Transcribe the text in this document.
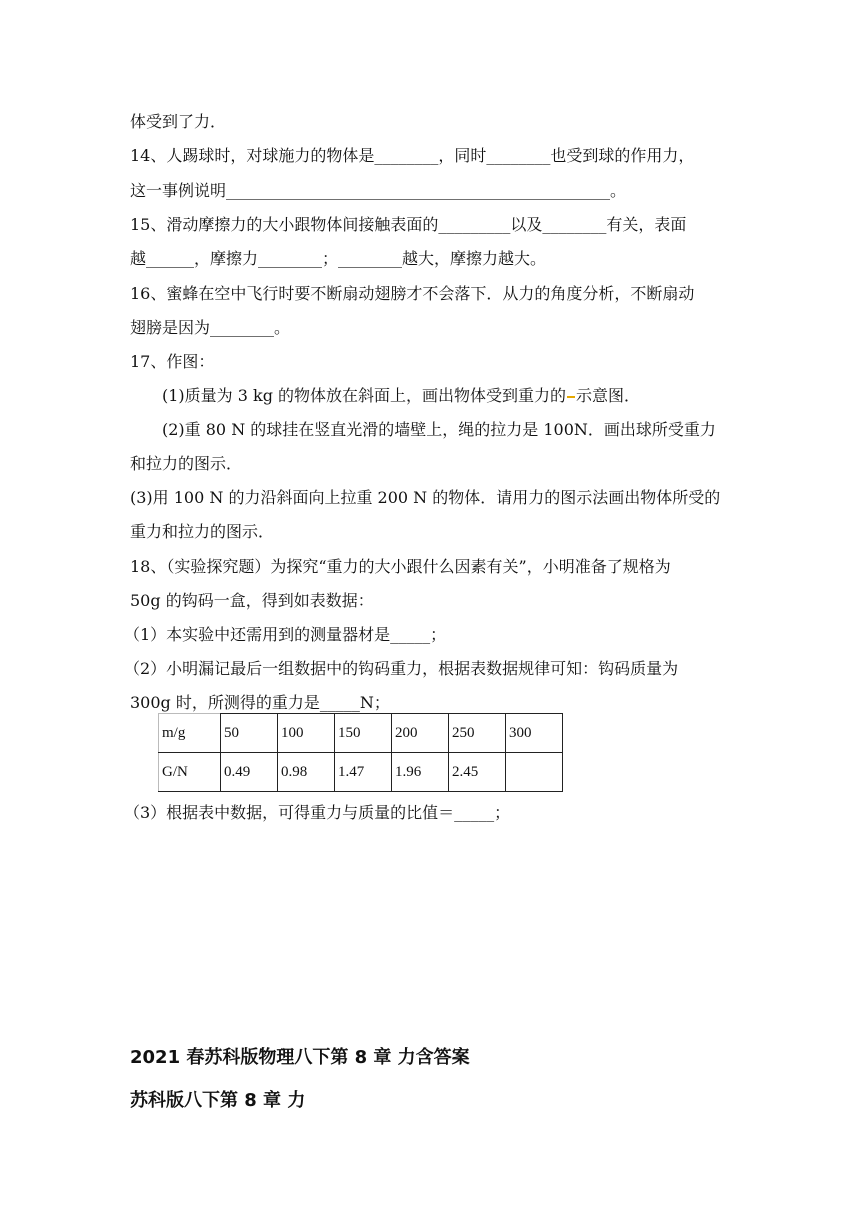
体受到了力．
14、人踢球时，对球施力的物体是________，同时________也受到球的作用力，
这一事例说明________________________________________________。
15、滑动摩擦力的大小跟物体间接触表面的_________以及________有关，表面
越______，摩擦力________；________越大，摩擦力越大。
16、蜜蜂在空中飞行时要不断扇动翅膀才不会落下．从力的角度分析，不断扇动
翅膀是因为________。
17、作图：
(1)质量为 3 kg 的物体放在斜面上，画出物体受到重力的 示意图．
(2)重 80 N 的球挂在竖直光滑的墙壁上，绳的拉力是 100N．画出球所受重力
和拉力的图示．
(3)用 100 N 的力沿斜面向上拉重 200 N 的物体．请用力的图示法画出物体所受的
重力和拉力的图示．
18、（实验探究题）为探究“重力的大小跟什么因素有关”，小明准备了规格为
50g 的钩码一盒，得到如表数据：
（1）本实验中还需用到的测量器材是_____；
（2）小明漏记最后一组数据中的钩码重力，根据表数据规律可知：钩码质量为
300g 时，所测得的重力是_____N；
m/g	50	100	150	200	250	300
G/N	0.49	0.98	1.47	1.96	2.45	
（3）根据表中数据，可得重力与质量的比值＝_____；
2021 春苏科版物理八下第 8 章 力含答案
苏科版八下第 8 章 力
